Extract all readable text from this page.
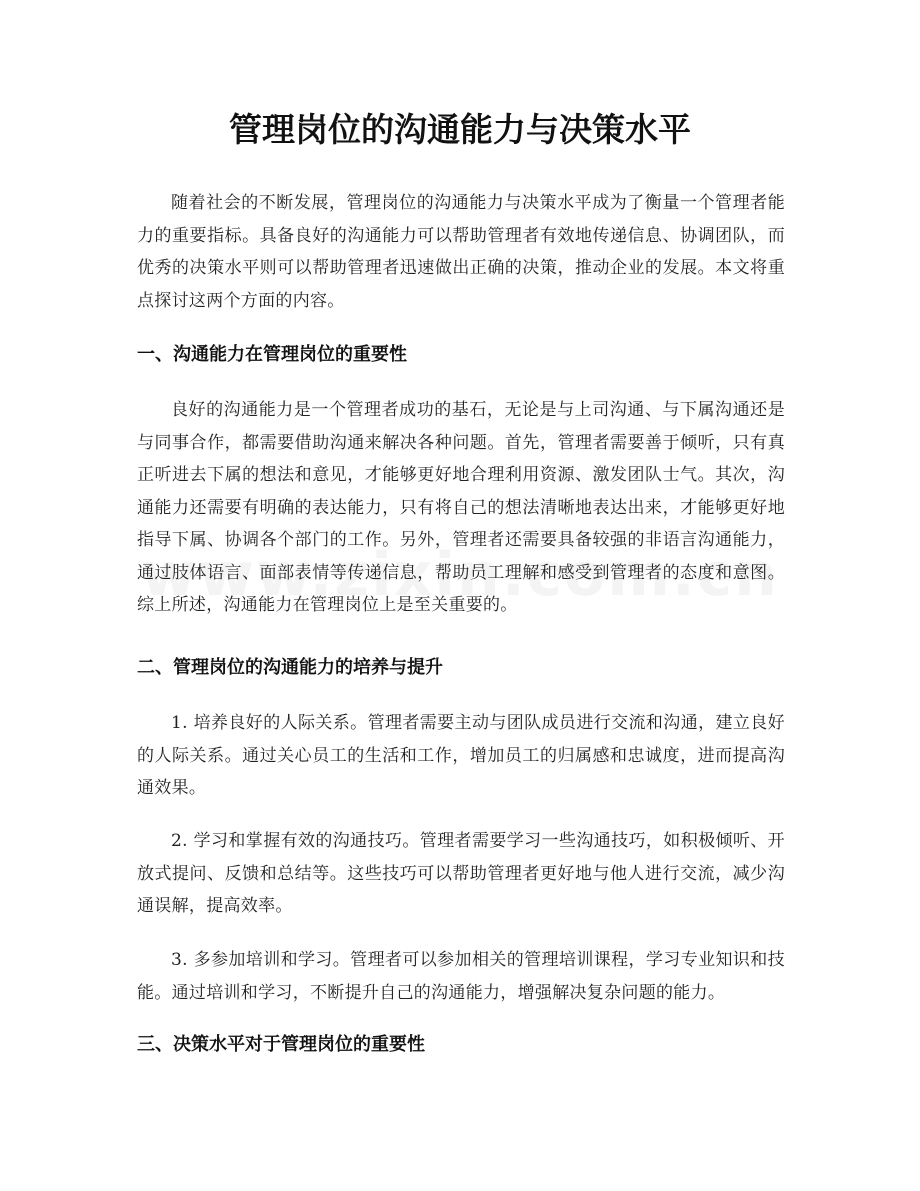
管理岗位的沟通能力与决策水平

随着社会的不断发展，管理岗位的沟通能力与决策水平成为了衡量一个管理者能力的重要指标。具备良好的沟通能力可以帮助管理者有效地传递信息、协调团队，而优秀的决策水平则可以帮助管理者迅速做出正确的决策，推动企业的发展。本文将重点探讨这两个方面的内容。

一、沟通能力在管理岗位的重要性

良好的沟通能力是一个管理者成功的基石，无论是与上司沟通、与下属沟通还是与同事合作，都需要借助沟通来解决各种问题。首先，管理者需要善于倾听，只有真正听进去下属的想法和意见，才能够更好地合理利用资源、激发团队士气。其次，沟通能力还需要有明确的表达能力，只有将自己的想法清晰地表达出来，才能够更好地指导下属、协调各个部门的工作。另外，管理者还需要具备较强的非语言沟通能力，通过肢体语言、面部表情等传递信息，帮助员工理解和感受到管理者的态度和意图。综上所述，沟通能力在管理岗位上是至关重要的。

二、管理岗位的沟通能力的培养与提升

1. 培养良好的人际关系。管理者需要主动与团队成员进行交流和沟通，建立良好的人际关系。通过关心员工的生活和工作，增加员工的归属感和忠诚度，进而提高沟通效果。

2. 学习和掌握有效的沟通技巧。管理者需要学习一些沟通技巧，如积极倾听、开放式提问、反馈和总结等。这些技巧可以帮助管理者更好地与他人进行交流，减少沟通误解，提高效率。

3. 多参加培训和学习。管理者可以参加相关的管理培训课程，学习专业知识和技能。通过培训和学习，不断提升自己的沟通能力，增强解决复杂问题的能力。

三、决策水平对于管理岗位的重要性
